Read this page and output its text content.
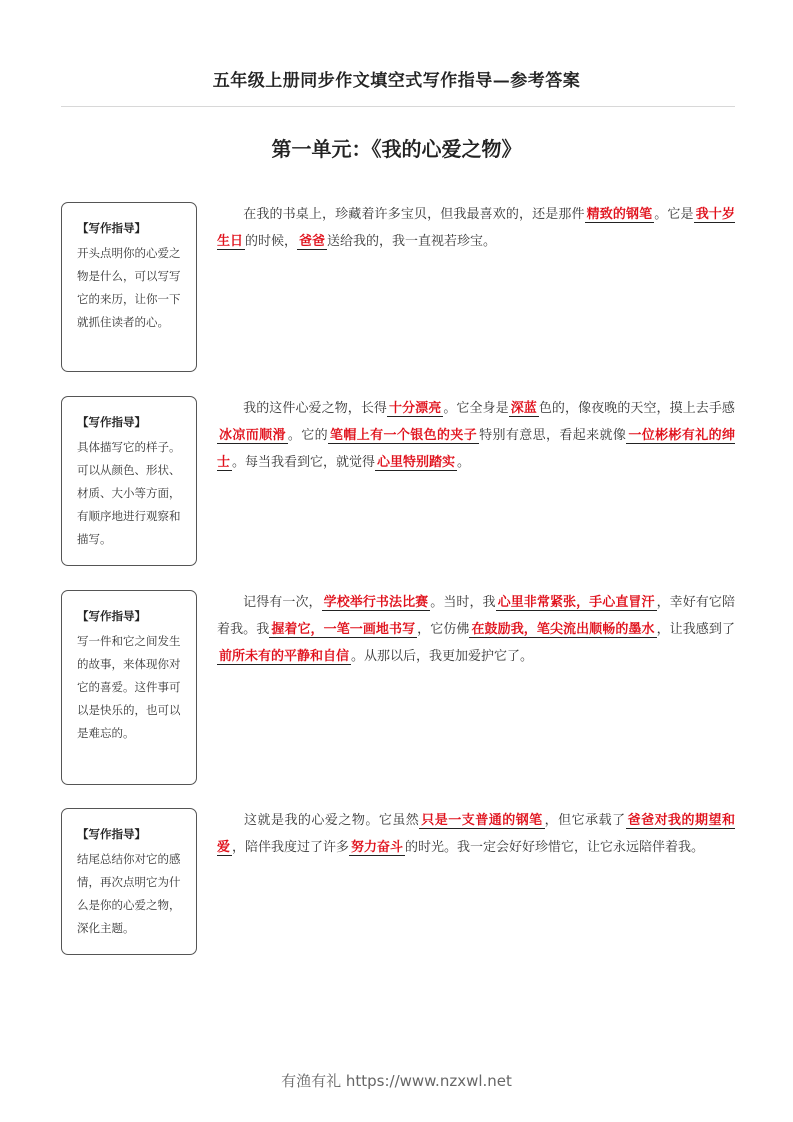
五年级上册同步作文填空式写作指导—参考答案
第一单元：《我的心爱之物》
【写作指导】
开头点明你的心爱之物是什么，可以写写它的来历，让你一下就抓住读者的心。
　　在我的书桌上，珍藏着许多宝贝，但我最喜欢的，还是那件 精致的钢笔 。它是 我十岁生日 的时候， 爸爸 送给我的，我一直视若珍宝。
【写作指导】
具体描写它的样子。可以从颜色、形状、材质、大小等方面，有顺序地进行观察和描写。
　　我的这件心爱之物，长得 十分漂亮 。它全身是 深蓝 色的，像夜晚的天空，摸上去手感冰凉而顺滑 。它的 笔帽上有一个银色的夹子 特别有意思，看起来就像 一位彬彬有礼的绅士 。每当我看到它，就觉得 心里特别踏实 。
【写作指导】
写一件和它之间发生的故事，来体现你对它的喜爱。这件事可以是快乐的，也可以是难忘的。
　　记得有一次， 学校举行书法比赛 。当时，我 心里非常紧张，手心直冒汗 ，幸好有它陪着我。我 握着它，一笔一画地书写 ，它仿佛 在鼓励我，笔尖流出顺畅的墨水 ，让我感到了前所未有的平静和自信 。从那以后，我更加爱护它了。
【写作指导】
结尾总结你对它的感情，再次点明它为什么是你的心爱之物，深化主题。
　　这就是我的心爱之物。它虽然 只是一支普通的钢笔 ，但它承载了 爸爸对我的期望和爱 ，陪伴我度过了许多 努力奋斗 的时光。我一定会好好珍惜它，让它永远陪伴着我。
有渔有礼 https://www.nzxwl.net
